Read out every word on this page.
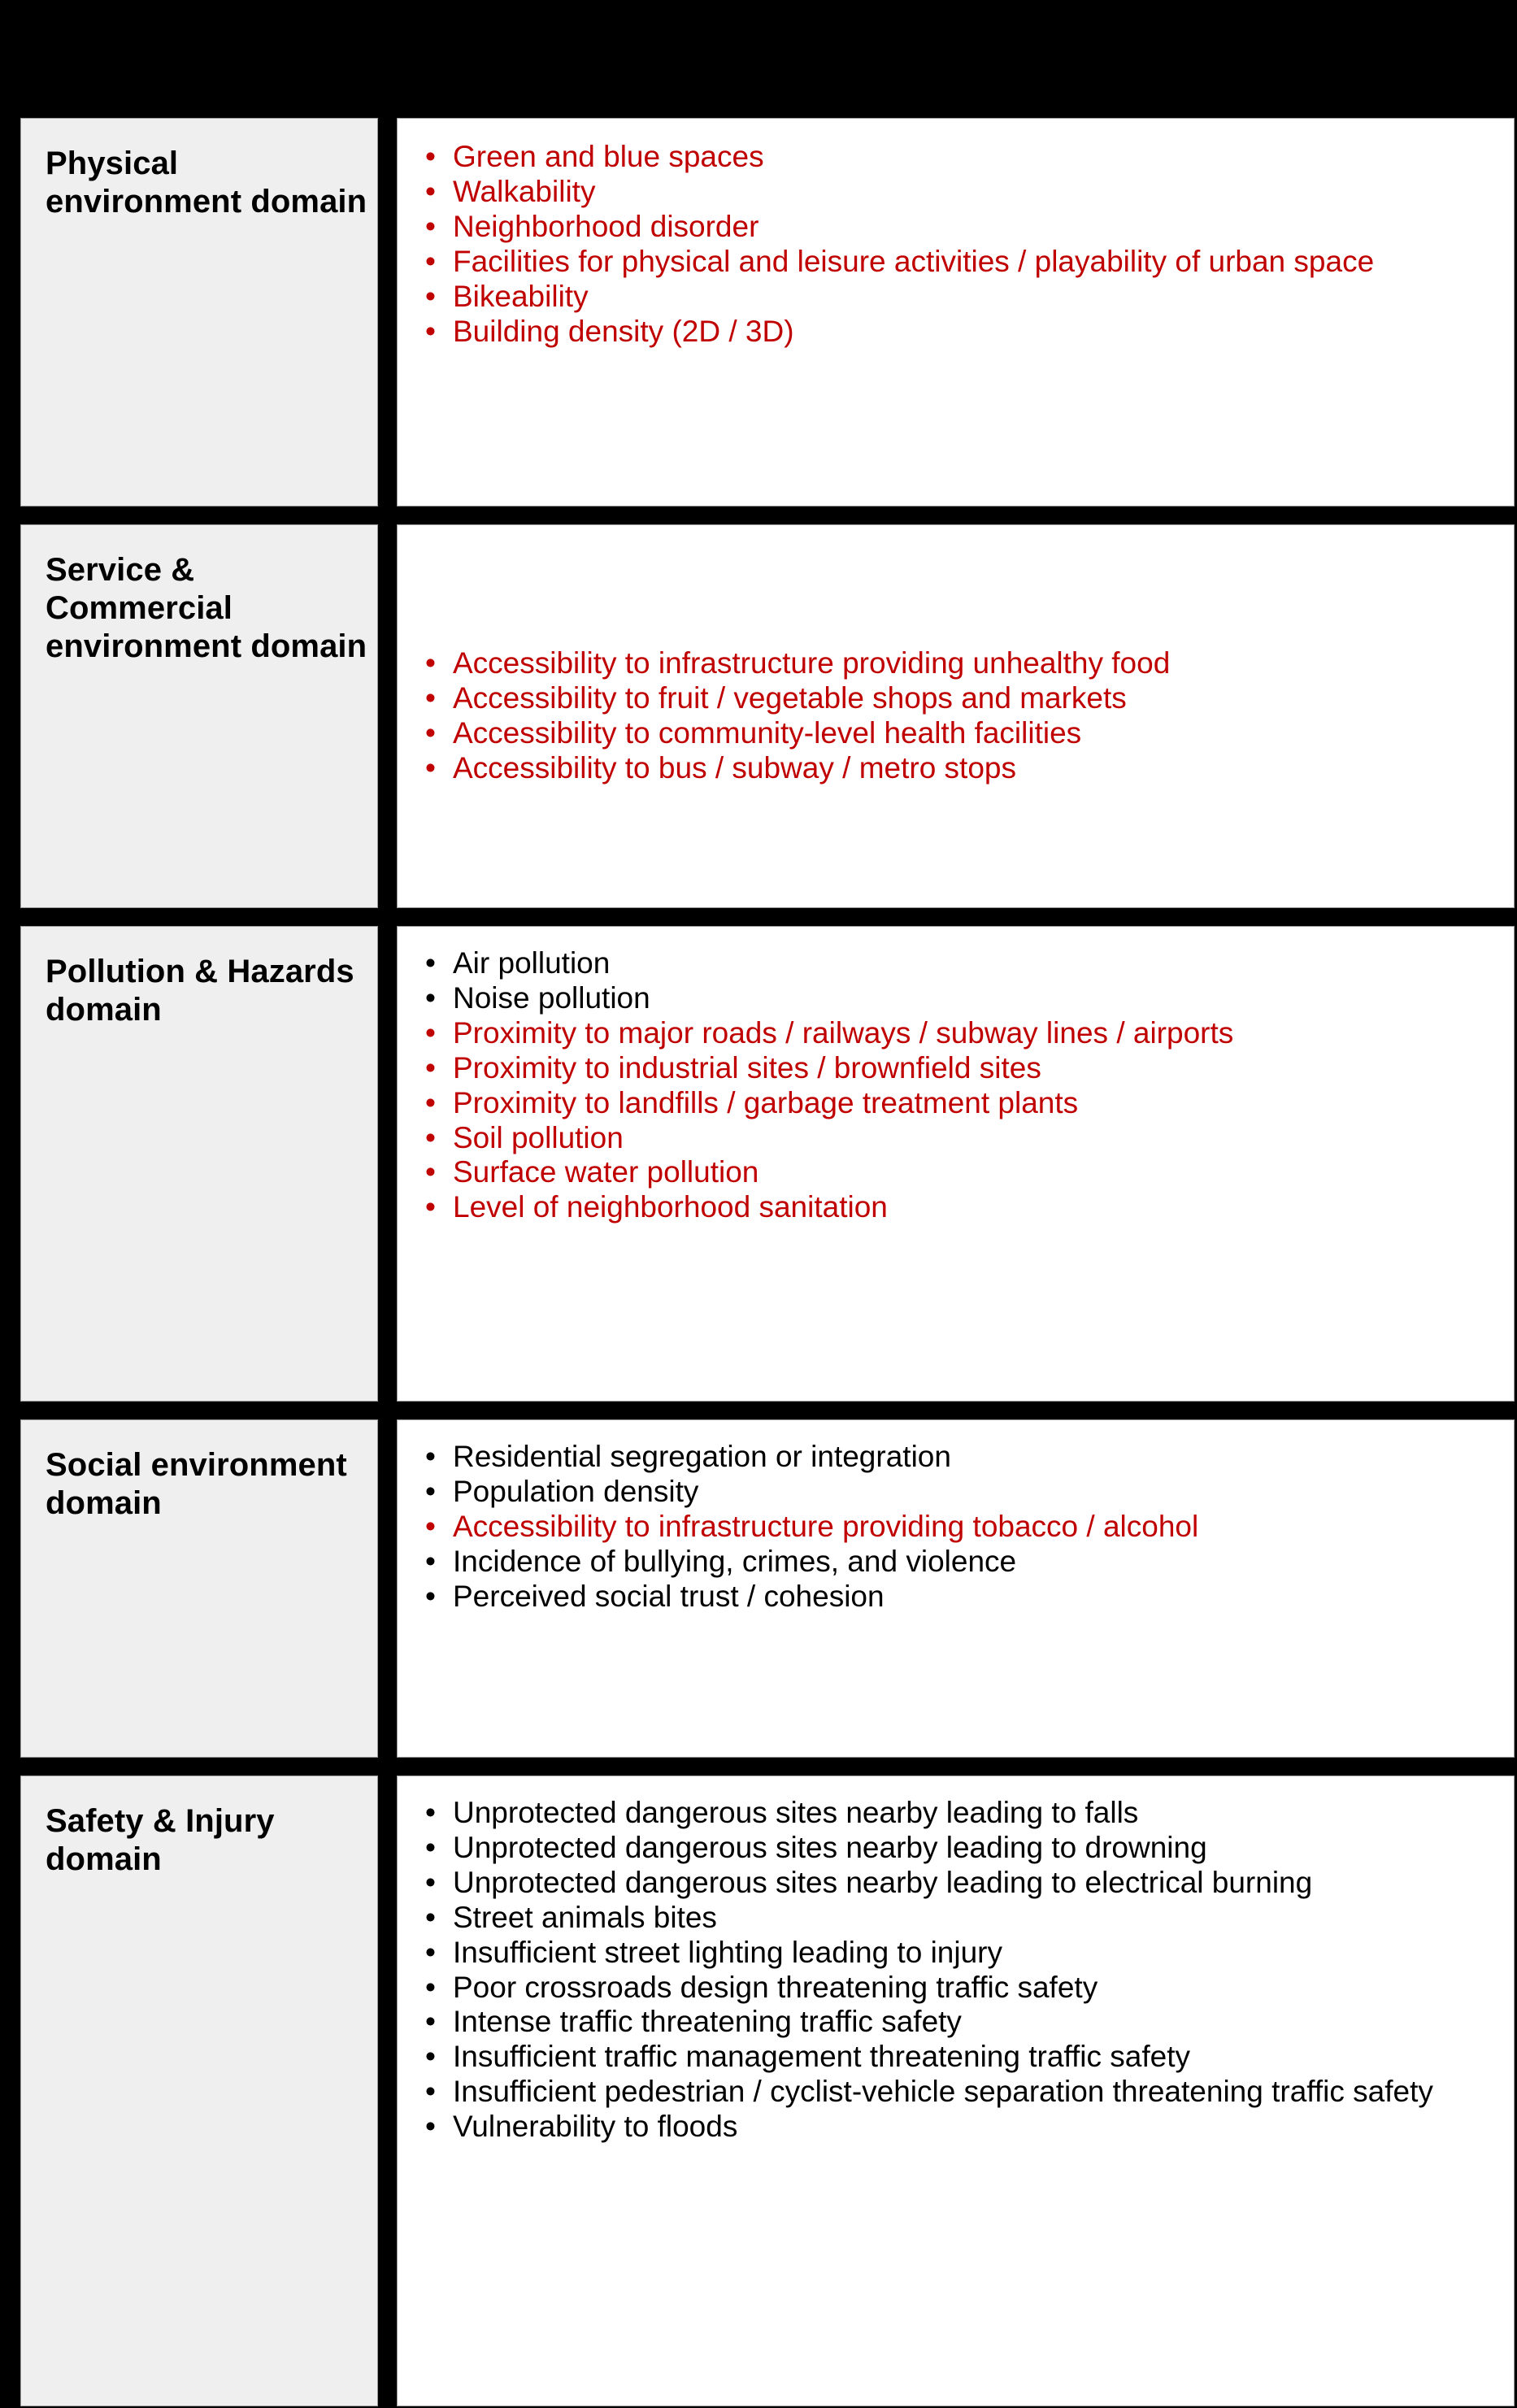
Physical environment domain
• Green and blue spaces
• Walkability
• Neighborhood disorder
• Facilities for physical and leisure activities / playability of urban space
• Bikeability
• Building density (2D / 3D)
Service & Commercial environment domain	• Accessibility to infrastructure providing unhealthy food
• Accessibility to fruit / vegetable shops and markets
• Accessibility to community-level health facilities
• Accessibility to bus / subway / metro stops
Pollution & Hazards domain
• Air pollution
• Noise pollution
• Proximity to major roads / railways / subway lines / airports
• Proximity to industrial sites / brownfield sites
• Proximity to landfills / garbage treatment plants
• Soil pollution
• Surface water pollution
• Level of neighborhood sanitation
Social environment domain
• Residential segregation or integration
• Population density
• Accessibility to infrastructure providing tobacco / alcohol
• Incidence of bullying, crimes, and violence
• Perceived social trust / cohesion
Safety & Injury domain
• Unprotected dangerous sites nearby leading to falls
• Unprotected dangerous sites nearby leading to drowning
• Unprotected dangerous sites nearby leading to electrical burning
• Street animals bites
• Insufficient street lighting leading to injury
• Poor crossroads design threatening traffic safety
• Intense traffic threatening traffic safety
• Insufficient traffic management threatening traffic safety
• Insufficient pedestrian / cyclist-vehicle separation threatening traffic safety
• Vulnerability to floods
